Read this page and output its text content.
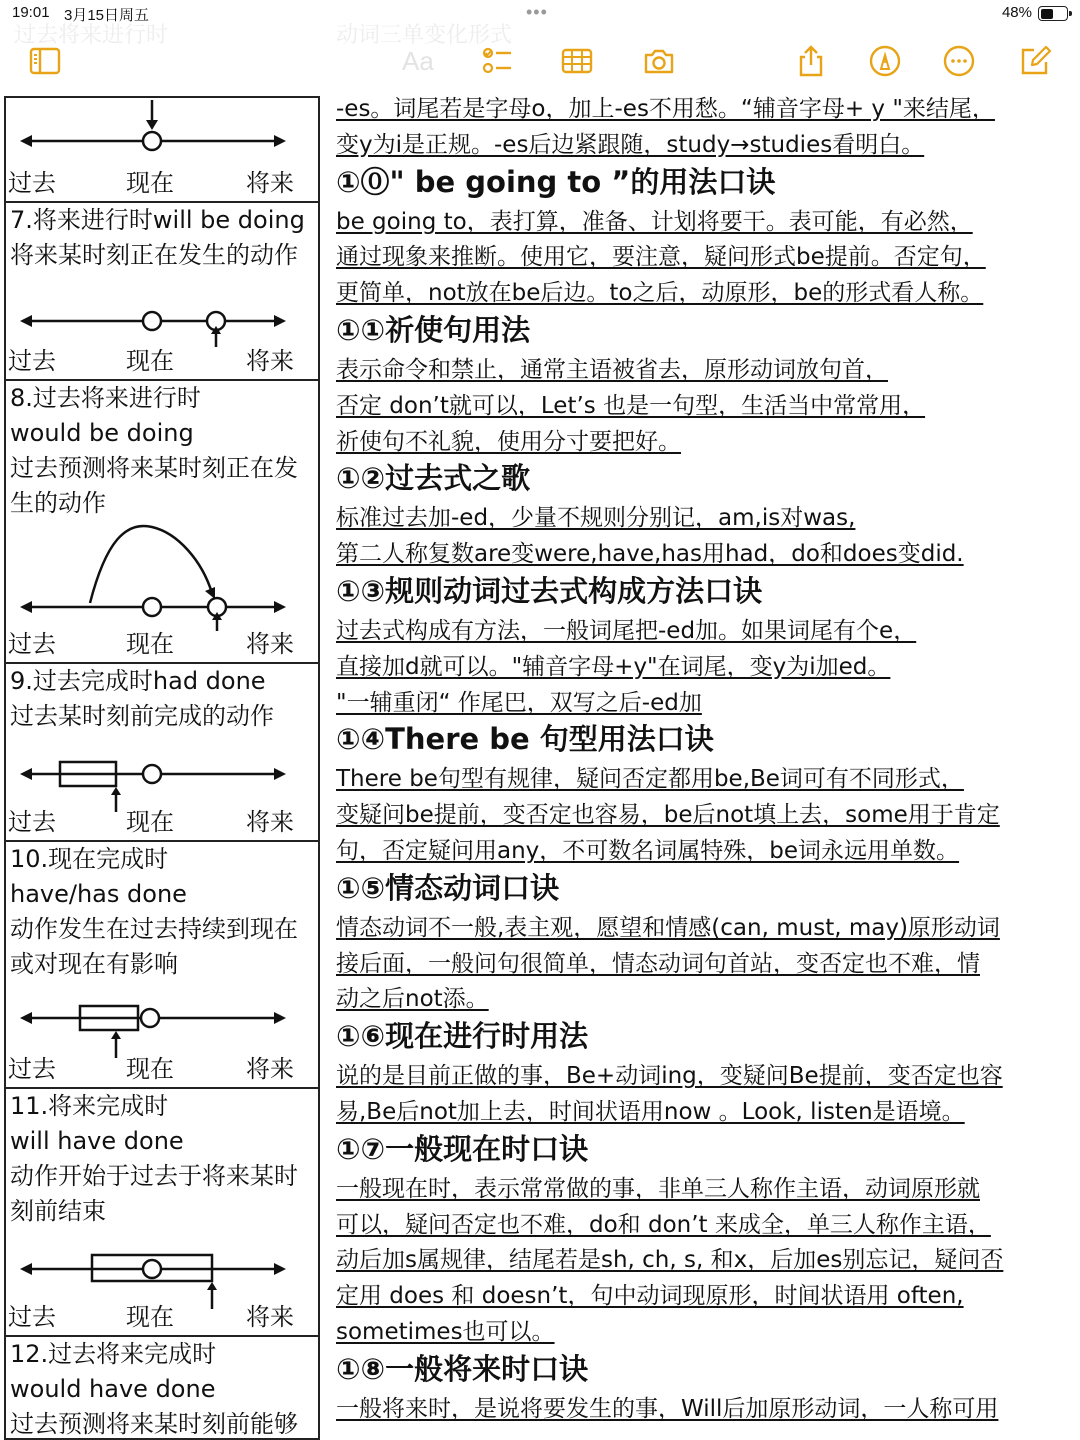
19:01 3月15日周五	•••	48%
过去将来进行时	动词三单变化形式
Aa
过去	现在	将来
7.将来进行时will be doing
将来某时刻正在发生的动作
过去	现在	将来
8.过去将来进行时
would be doing
过去预测将来某时刻正在发
生的动作
过去	现在	将来
9.过去完成时had done
过去某时刻前完成的动作
过去	现在	将来
10.现在完成时
have/has done
动作发生在过去持续到现在
或对现在有影响
过去	现在	将来
11.将来完成时
will have done
动作开始于过去于将来某时
刻前结束
过去	现在	将来
12.过去将来完成时
would have done
过去预测将来某时刻前能够
-es。词尾若是字母o，加上-es不用愁。“辅音字母+ y "来结尾，
变y为i是正规。-es后边紧跟随，study→studies看明白。
①⓪" be going to ”的用法口诀
be going to，表打算，准备、计划将要干。表可能，有必然，
通过现象来推断。使用它，要注意，疑问形式be提前。否定句，
更简单，not放在be后边。to之后，动原形，be的形式看人称。
①①祈使句用法
表示命令和禁止，通常主语被省去，原形动词放句首，
否定 don’t就可以，Let’s 也是一句型，生活当中常常用，
祈使句不礼貌，使用分寸要把好。
①②过去式之歌
标准过去加-ed，少量不规则分别记，am,is对was,
第二人称复数are变were,have,has用had，do和does变did.
①③规则动词过去式构成方法口诀
过去式构成有方法，一般词尾把-ed加。如果词尾有个e，
直接加d就可以。"辅音字母+y"在词尾，变y为i加ed。
"一辅重闭“ 作尾巴，双写之后-ed加
①④There be 句型用法口诀
There be句型有规律，疑问否定都用be,Be词可有不同形式，
变疑问be提前，变否定也容易，be后not填上去，some用于肯定
句，否定疑问用any，不可数名词属特殊，be词永远用单数。
①⑤情态动词口诀
情态动词不一般,表主观，愿望和情感(can, must, may)原形动词
接后面，一般问句很简单，情态动词句首站，变否定也不难，情
动之后not添。
①⑥现在进行时用法
说的是目前正做的事，Be+动词ing，变疑问Be提前，变否定也容
易,Be后not加上去，时间状语用now 。Look, listen是语境。
①⑦一般现在时口诀
一般现在时，表示常常做的事，非单三人称作主语，动词原形就
可以，疑问否定也不难，do和 don’t 来成全，单三人称作主语，
动后加s属规律，结尾若是sh, ch, s, 和x，后加es别忘记，疑问否
定用 does 和 doesn’t，句中动词现原形，时间状语用 often,
sometimes也可以。
①⑧一般将来时口诀
一般将来时，是说将要发生的事，Will后加原形动词，一人称可用
